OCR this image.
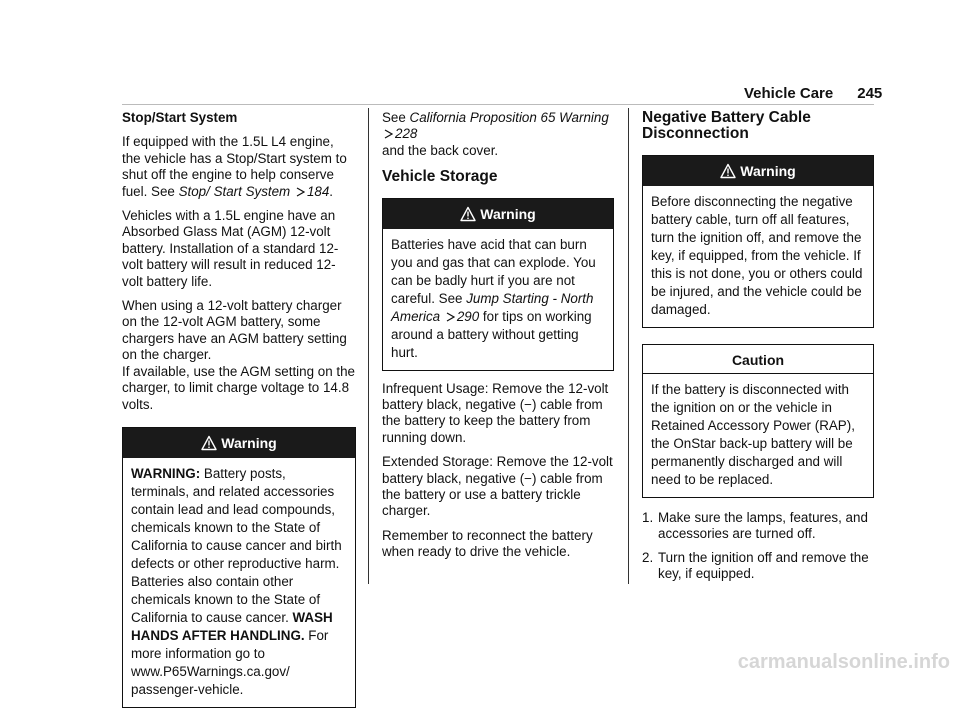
Vehicle Care 245
Stop/Start System

If equipped with the 1.5L L4 engine, the vehicle has a Stop/Start system to shut off the engine to help conserve fuel. See Stop/ Start System 184.

Vehicles with a 1.5L engine have an Absorbed Glass Mat (AGM) 12-volt battery. Installation of a standard 12-volt battery will result in reduced 12-volt battery life.

When using a 12-volt battery charger on the 12-volt AGM battery, some chargers have an AGM battery setting on the charger.
If available, use the AGM setting on the charger, to limit charge voltage to 14.8 volts.

Warning
WARNING: Battery posts, terminals, and related accessories contain lead and lead compounds, chemicals known to the State of California to cause cancer and birth defects or other reproductive harm. Batteries also contain other chemicals known to the State of California to cause cancer. WASH HANDS AFTER HANDLING. For more information go to www.P65Warnings.ca.gov/ passenger-vehicle.

See California Proposition 65 Warning 228
and the back cover.

Vehicle Storage
Warning
Batteries have acid that can burn you and gas that can explode. You can be badly hurt if you are not careful. See Jump Starting - North America 290 for tips on working around a battery without getting hurt.

Infrequent Usage: Remove the 12-volt battery black, negative (−) cable from the battery to keep the battery from running down.

Extended Storage: Remove the 12-volt battery black, negative (−) cable from the battery or use a battery trickle charger.

Remember to reconnect the battery when ready to drive the vehicle.

Negative Battery Cable Disconnection
Warning
Before disconnecting the negative battery cable, turn off all features, turn the ignition off, and remove the key, if equipped, from the vehicle. If this is not done, you or others could be injured, and the vehicle could be damaged.
Caution
If the battery is disconnected with the ignition on or the vehicle in Retained Accessory Power (RAP), the OnStar back-up battery will be permanently discharged and will need to be replaced.
1. Make sure the lamps, features, and accessories are turned off.
2. Turn the ignition off and remove the key, if equipped.
carmanualsonline.info
